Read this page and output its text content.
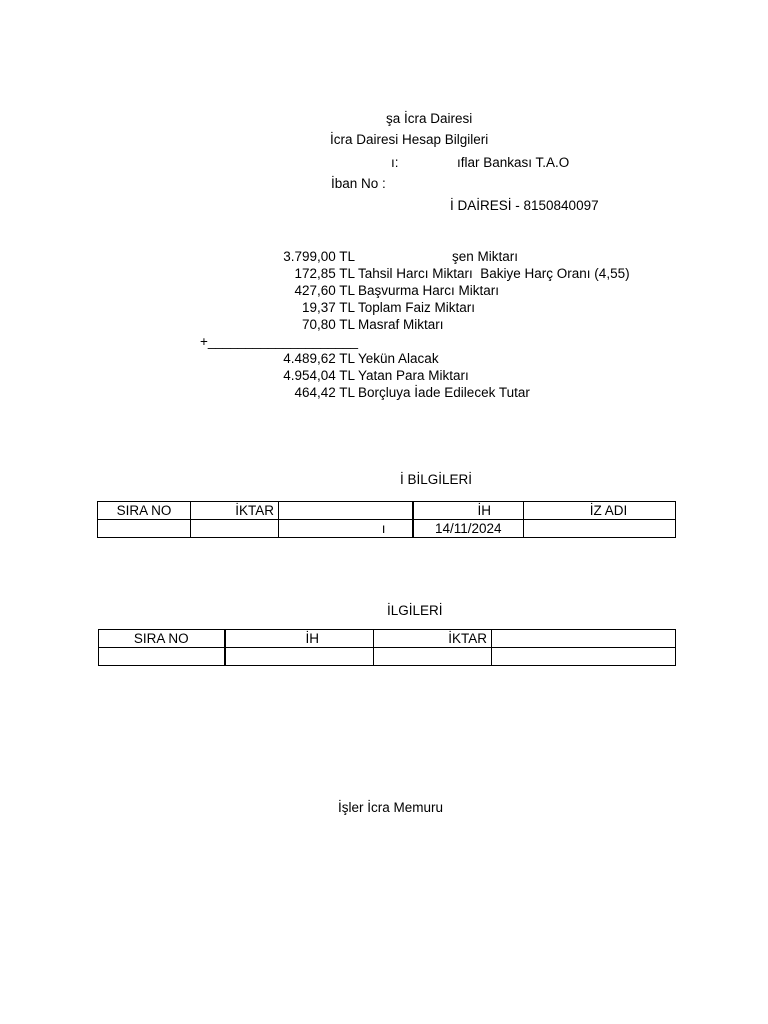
şa İcra Dairesi
İcra Dairesi Hesap Bilgileri
ı:	ıflar Bankası T.A.O
İban No :
İ DAİRESİ - 8150840097
3.799,00 TL	şen Miktarı
172,85 TL Tahsil Harcı Miktarı  Bakiye Harç Oranı (4,55)
427,60 TL Başvurma Harcı Miktarı
19,37 TL Toplam Faiz Miktarı
70,80 TL Masraf Miktarı
+____________________
4.489,62 TL Yekün Alacak
4.954,04 TL Yatan Para Miktarı
464,42 TL Borçluya İade Edilecek Tutar
İ BİLGİLERİ
SIRA NO	İKTAR		İH	İZ ADI
		ı	14/11/2024	
İLGİLERİ
SIRA NO	İH	İKTAR	

İşler İcra Memuru
